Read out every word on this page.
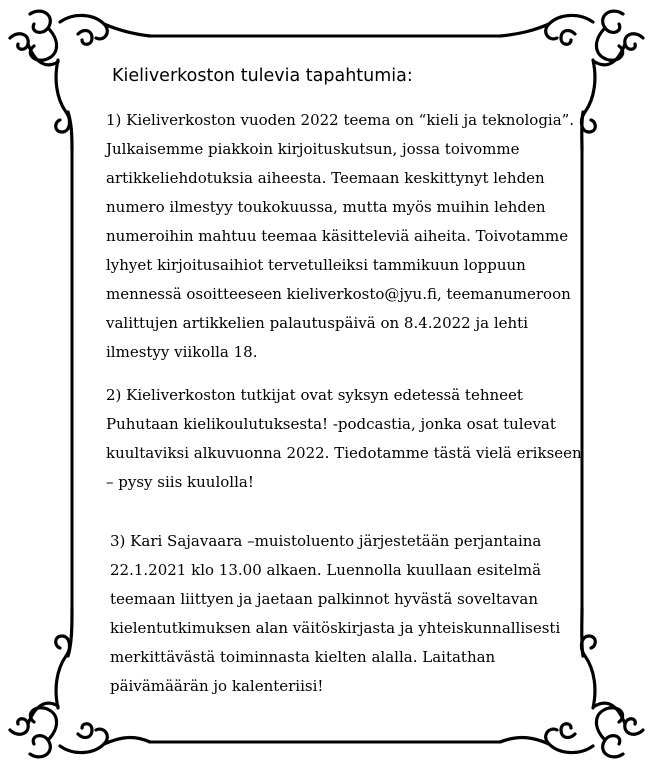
Kieliverkoston tulevia tapahtumia:

1) Kieliverkoston vuoden 2022 teema on “kieli ja teknologia”.
Julkaisemme piakkoin kirjoituskutsun, jossa toivomme
artikkeliehdotuksia aiheesta. Teemaan keskittynyt lehden
numero ilmestyy toukokuussa, mutta myös muihin lehden
numeroihin mahtuu teemaa käsitteleviä aiheita. Toivotamme
lyhyet kirjoitusaihiot tervetulleiksi tammikuun loppuun
mennessä osoitteeseen kieliverkosto@jyu.fi, teemanumeroon
valittujen artikkelien palautuspäivä on 8.4.2022 ja lehti
ilmestyy viikolla 18.

2) Kieliverkoston tutkijat ovat syksyn edetessä tehneet
Puhutaan kielikoulutuksesta! -podcastia, jonka osat tulevat
kuultaviksi alkuvuonna 2022. Tiedotamme tästä vielä erikseen
– pysy siis kuulolla!

3) Kari Sajavaara –muistoluento järjestetään perjantaina
22.1.2021 klo 13.00 alkaen. Luennolla kuullaan esitelmä
teemaan liittyen ja jaetaan palkinnot hyvästä soveltavan
kielentutkimuksen alan väitöskirjasta ja yhteiskunnallisesti
merkittävästä toiminnasta kielten alalla. Laitathan
päivämäärän jo kalenteriisi!
